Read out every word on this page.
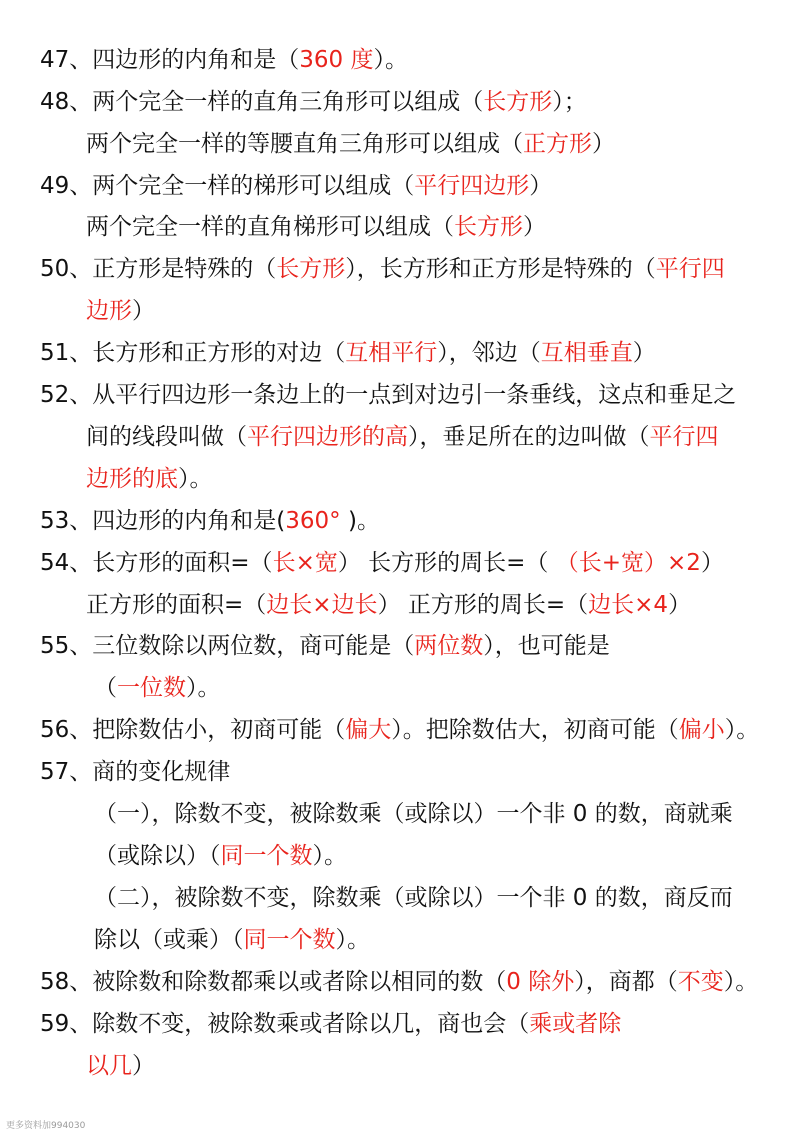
47、四边形的内角和是（360 度）。
48、两个完全一样的直角三角形可以组成（长方形）；
两个完全一样的等腰直角三角形可以组成（正方形）
49、两个完全一样的梯形可以组成（平行四边形）
两个完全一样的直角梯形可以组成（长方形）
50、正方形是特殊的（长方形），长方形和正方形是特殊的（平行四
边形）
51、长方形和正方形的对边（互相平行），邻边（互相垂直）
52、从平行四边形一条边上的一点到对边引一条垂线，这点和垂足之
间的线段叫做（平行四边形的高），垂足所在的边叫做（平行四
边形的底）。
53、四边形的内角和是(360° )。
54、长方形的面积=（长×宽） 长方形的周长=（ （长+宽）×2）
正方形的面积=（边长×边长） 正方形的周长=（边长×4）
55、三位数除以两位数，商可能是（两位数），也可能是
（一位数）。
56、把除数估小，初商可能（偏大）。把除数估大，初商可能（偏小）。
57、商的变化规律
（一），除数不变，被除数乘（或除以）一个非 0 的数，商就乘
（或除以）（同一个数）。
（二），被除数不变，除数乘（或除以）一个非 0 的数，商反而
除以（或乘）（同一个数）。
58、被除数和除数都乘以或者除以相同的数（0 除外），商都（不变）。
59、除数不变，被除数乘或者除以几，商也会（乘或者除
以几）
更多资料加994030
